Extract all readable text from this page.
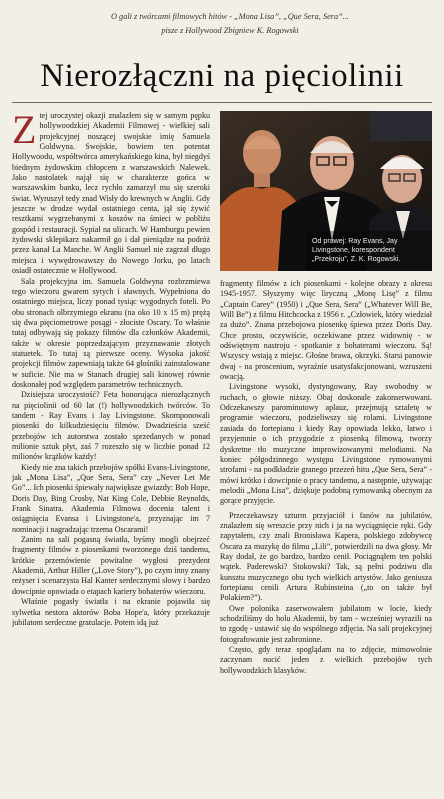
O gali z twórcami filmowych hitów - „Mona Lisa”, „Que Sera, Sera”...
pisze z Hollywood Zbigniew K. Rogowski
Nierozłączni na pięciolinii

Ztej uroczystej okazji znalazłem się w samym pępku hollywoodzkiej Akademii Filmowej - wielkiej sali projekcyjnej noszącej swojskie imię Samuela Goldwyna. Swojskie, bowiem ten potentat Hollywoodu, współtwórca amerykańskiego kina, był niegdyś biednym żydowskim chłopcem z warszawskich Nalewek. Jako nastolatek najął się w charakterze gońca w warszawskim banku, lecz rychło zamarzył mu się szeroki świat. Wyruszył tedy znad Wisły do krewnych w Anglii. Gdy jeszcze w drodze wydał ostatniego centa, jął się żywić resztkami wygrzebanymi z koszów na śmieci w pobliżu gospód i restauracji. Sypiał na ulicach. W Hamburgu pewien żydowski sklepikarz nakarmił go i dał pieniądze na podróż przez kanał La Manche. W Anglii Samuel nie zagrzał długo miejsca i wywędrowawszy do Nowego Jorku, po latach osiadł ostatecznie w Hollywood.

Sala projekcyjna im. Samuela Goldwyna rozbrzmiewa tego wieczoru gwarem sytych i sławnych. Wypełniona do ostatniego miejsca, liczy ponad tysiąc wygodnych foteli. Po obu stronach olbrzymiego ekranu (na oko 10 x 15 m) prężą się dwa pięciometrowe posągi - złociste Oscary. To właśnie tutaj odbywają się pokazy filmów dla członków Akademii, także w okresie poprzedzającym przyznawanie złotych statuetek. To tutaj są pierwsze oceny. Wysoka jakość projekcji filmów zapewniają także 64 głośniki zainstalowane w suficie. Nie ma w Stanach drugiej sali kinowej równie doskonałej pod względem parametrów technicznych.

Dzisiejsza uroczystość? Feta honorująca nierozłącznych na pięciolinii od 60 lat (!) hollywoodzkich twórców. To tandem - Ray Evans i Jay Livingstone. Skomponowali piosenki do kilkudziesięciu filmów. Dwadzieścia sześć przebojów ich autorstwa zostało sprzedanych w ponad milionie sztuk płyt, zaś 7 rozeszło się w liczbie ponad 12 milionów krążków każdy!

Kiedy nie zna takich przebojów spółki Evans-Livingstone, jak „Mona Lisa”, „Que Sera, Sera” czy „Never Let Me Go”... Ich piosenki śpiewały największe gwiazdy: Bob Hope, Doris Day, Bing Crosby, Nat King Cole, Debbie Reynolds, Frank Sinatra. Akademia Filmowa docenia talent i osiągnięcia Evansa i Livingstone'a, przyznając im 7 nominacji i nagradzając trzema Oscarami!

Zanim na sali pogasną światła, byśmy mogli obejrzeć fragmenty filmów z piosenkami tworzonego dziś tandemu, krótkie przemówienie powitalne wygłosi prezydent Akademii, Arthur Hiller („Love Story”), po czym inny znany reżyser i scenarzysta Hal Kanter serdecznymi słowy i bardzo dowcipnie opowiada o etapach kariery bohaterów wieczoru.

Właśnie pogasły światła i na ekranie pojawiła się sylwetka nestora aktorów Boba Hope'a, który przekazuje jubilatom serdeczne gratulacje. Potem idą już

Od prawej: Ray Evans, Jay Livingstone, korespondent „Przekroju”, Z. K. Rogowski.

fragmenty filmów z ich piosenkami - kolejne obrazy z okresu 1945-1957. Słyszymy więc liryczną „Monę Lisę” z filmu „Captain Carey” (1950) i „Que Sera, Sera” („Whatever Will Be, Will Be”) z filmu Hitchcocka z 1956 r. „Człowiek, który wiedział za dużo”. Znana przebojowa piosenkę śpiewa przez Doris Day. Chce prosto, oczywiście, oczekiwane przez widownię - w odświętnym nastroju - spotkanie z bohaterami wieczoru. Są! Wszyscy wstają z miejsc. Głośne brawa, okrzyki. Starsi panowie dwaj - na proscenium, wyraźnie usatysfakcjonowani, wzruszeni owacją.

Livingstone wysoki, dystyngowany, Ray swobodny w ruchach, o głowie niższy. Obaj doskonale zakonserwowani. Odczekawszy parominutowy aplauz, przejmują sztafetę w programie wieczoru, podzieliwszy się rolami. Livingstone zasiada do fortepianu i kiedy Ray opowiada lekko, łatwo i przyjemnie o ich przygodzie z piosenką filmową, tworzy dyskretne tło muzyczne improwizowanymi melodiami. Na koniec półgodzinnego występu Livingstone rymowanymi strofami - na podkładzie granego przezeń hitu „Que Sera, Sera” - mówi krótko i dowcipnie o pracy tandemu, a następnie, używając melodii „Mona Lisa”, dziękuje podobną rymowanką obecnym za gorące przyjęcie.

Przeczekawszy szturm przyjaciół i fanów na jubilatów, znalazłem się wreszcie przy nich i ja na wyciągnięcie ręki. Gdy zapytałem, czy znali Bronisława Kapera, polskiego zdobywcę Oscara za muzykę do filmu „Lili”, potwierdzili na dwa głosy. Mr Ray dodał, że go bardzo, bardzo cenił. Pociągnąłem ten polski wątek. Paderewski? Stokowski? Tak, są pełni podziwu dla kunsztu muzycznego obu tych wielkich artystów. Jako geniusza fortepianu cenili Artura Rubinsteina („to on także był Polakiem?”).

Owe polonika zaserwowałem jubilatom w locie, kiedy schodziliśmy do holu Akademii, by tam - wcześniej wyrazili na to zgodę - ustawić się do wspólnego zdjęcia. Na sali projekcyjnej fotografowanie jest zabronione.

Często, gdy teraz spoglądam na to zdjęcie, mimowolnie zaczynam nucić jeden z wielkich przebojów tych hollywoodzkich klasyków.
